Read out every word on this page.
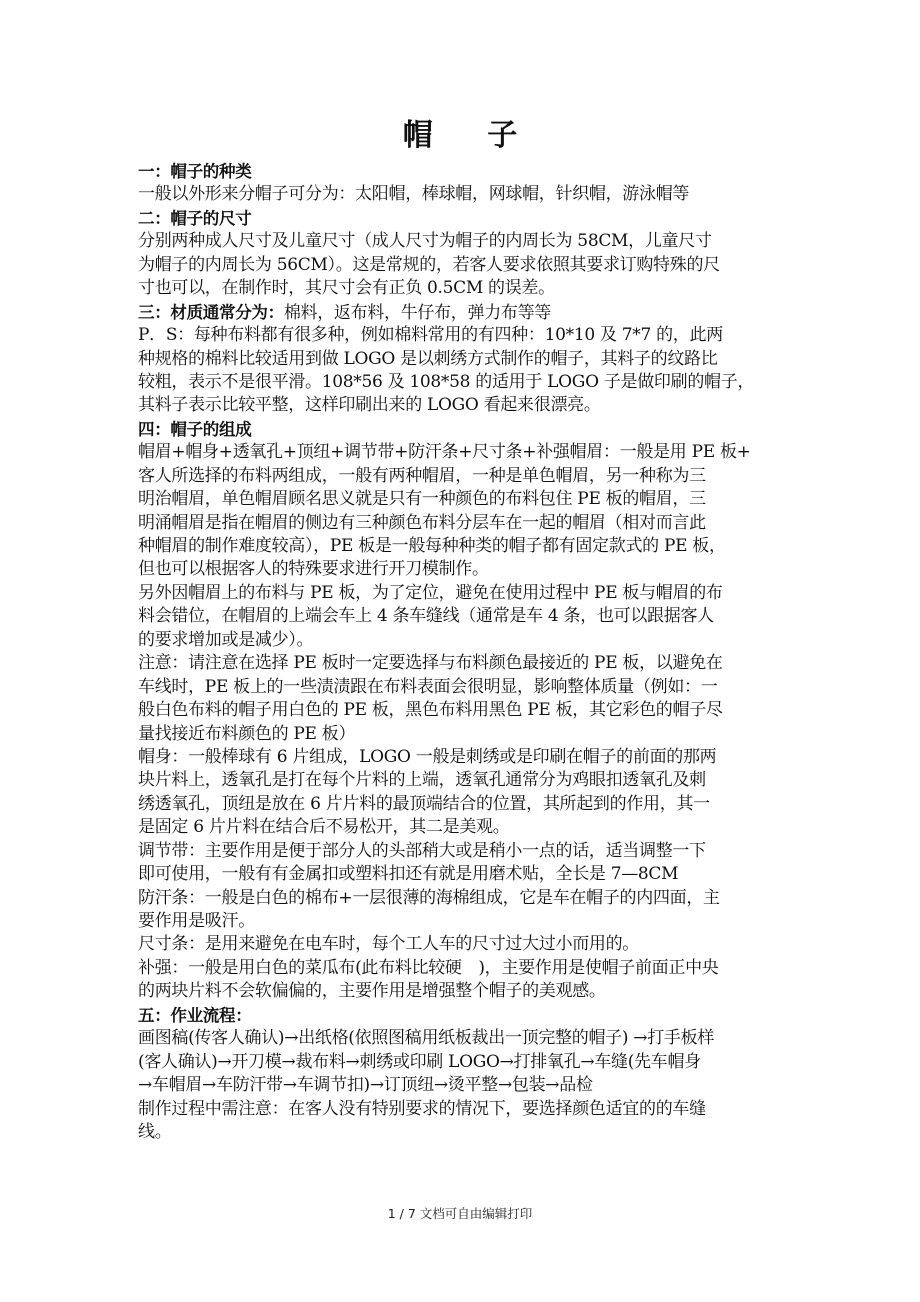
帽 子
一：帽子的种类
一般以外形来分帽子可分为：太阳帽，棒球帽，网球帽，针织帽，游泳帽等
二：帽子的尺寸
分别两种成人尺寸及儿童尺寸（成人尺寸为帽子的内周长为 58CM，儿童尺寸
为帽子的内周长为 56CM）。这是常规的，若客人要求依照其要求订购特殊的尺
寸也可以，在制作时，其尺寸会有正负 0.5CM 的误差。
三：材质通常分为：棉料，返布料，牛仔布，弹力布等等
P．S：每种布料都有很多种，例如棉料常用的有四种：10*10 及 7*7 的，此两
种规格的棉料比较适用到做 LOGO 是以刺绣方式制作的帽子，其料子的纹路比
较粗，表示不是很平滑。108*56 及 108*58 的适用于 LOGO 子是做印刷的帽子，
其料子表示比较平整，这样印刷出来的 LOGO 看起来很漂亮。
四：帽子的组成
帽眉+帽身+透氧孔+顶纽+调节带+防汗条+尺寸条+补强帽眉：一般是用 PE 板+
客人所选择的布料两组成，一般有两种帽眉，一种是单色帽眉，另一种称为三
明治帽眉，单色帽眉顾名思义就是只有一种颜色的布料包住 PE 板的帽眉，三
明涌帽眉是指在帽眉的侧边有三种颜色布料分层车在一起的帽眉（相对而言此
种帽眉的制作难度较高），PE 板是一般每种种类的帽子都有固定款式的 PE 板，
但也可以根据客人的特殊要求进行开刀模制作。
另外因帽眉上的布料与 PE 板，为了定位，避免在使用过程中 PE 板与帽眉的布
料会错位，在帽眉的上端会车上 4 条车缝线（通常是车 4 条，也可以跟据客人
的要求增加或是减少）。
注意：请注意在选择 PE 板时一定要选择与布料颜色最接近的 PE 板，以避免在
车线时，PE 板上的一些渍渍跟在布料表面会很明显，影响整体质量（例如：一
般白色布料的帽子用白色的 PE 板，黑色布料用黑色 PE 板，其它彩色的帽子尽
量找接近布料颜色的 PE 板）
帽身：一般棒球有 6 片组成，LOGO 一般是刺绣或是印刷在帽子的前面的那两
块片料上，透氧孔是打在每个片料的上端，透氧孔通常分为鸡眼扣透氧孔及刺
绣透氧孔，顶纽是放在 6 片片料的最顶端结合的位置，其所起到的作用，其一
是固定 6 片片料在结合后不易松开，其二是美观。
调节带：主要作用是便于部分人的头部稍大或是稍小一点的话，适当调整一下
即可使用，一般有有金属扣或塑料扣还有就是用磨术贴，全长是 7—8CM
防汗条：一般是白色的棉布+一层很薄的海棉组成，它是车在帽子的内四面，主
要作用是吸汗。
尺寸条：是用来避免在电车时，每个工人车的尺寸过大过小而用的。
补强：一般是用白色的菜瓜布(此布料比较硬　)，主要作用是使帽子前面正中央
的两块片料不会软偏偏的，主要作用是增强整个帽子的美观感。
五：作业流程：
画图稿(传客人确认)→出纸格(依照图稿用纸板裁出一顶完整的帽子) →打手板样
(客人确认)→开刀模→裁布料→刺绣或印刷 LOGO→打排氧孔→车缝(先车帽身
→车帽眉→车防汗带→车调节扣)→订顶纽→烫平整→包装→品检
制作过程中需注意：在客人没有特别要求的情况下，要选择颜色适宜的的车缝
线。
1 / 7 文档可自由编辑打印
